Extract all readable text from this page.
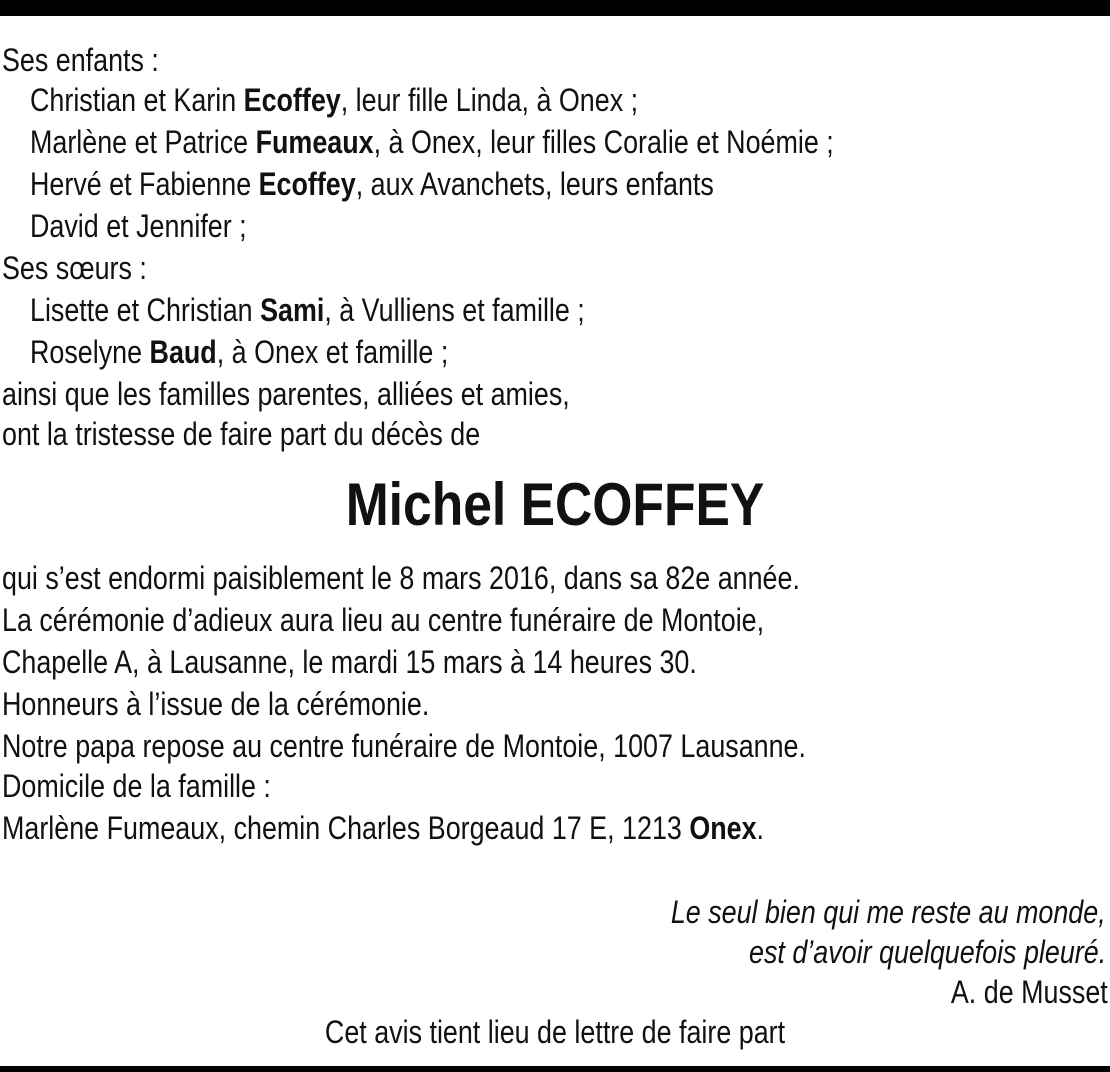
Ses enfants :
Christian et Karin Ecoffey, leur fille Linda, à Onex ;
Marlène et Patrice Fumeaux, à Onex, leur filles Coralie et Noémie ;
Hervé et Fabienne Ecoffey, aux Avanchets, leurs enfants
David et Jennifer ;
Ses sœurs :
Lisette et Christian Sami, à Vulliens et famille ;
Roselyne Baud, à Onex et famille ;
ainsi que les familles parentes, alliées et amies,
ont la tristesse de faire part du décès de
Michel ECOFFEY
qui s’est endormi paisiblement le 8 mars 2016, dans sa 82e année.
La cérémonie d’adieux aura lieu au centre funéraire de Montoie,
Chapelle A, à Lausanne, le mardi 15 mars à 14 heures 30.
Honneurs à l’issue de la cérémonie.
Notre papa repose au centre funéraire de Montoie, 1007 Lausanne.
Domicile de la famille :
Marlène Fumeaux, chemin Charles Borgeaud 17 E, 1213 Onex.
Le seul bien qui me reste au monde,
est d’avoir quelquefois pleuré.
A. de Musset
Cet avis tient lieu de lettre de faire part
